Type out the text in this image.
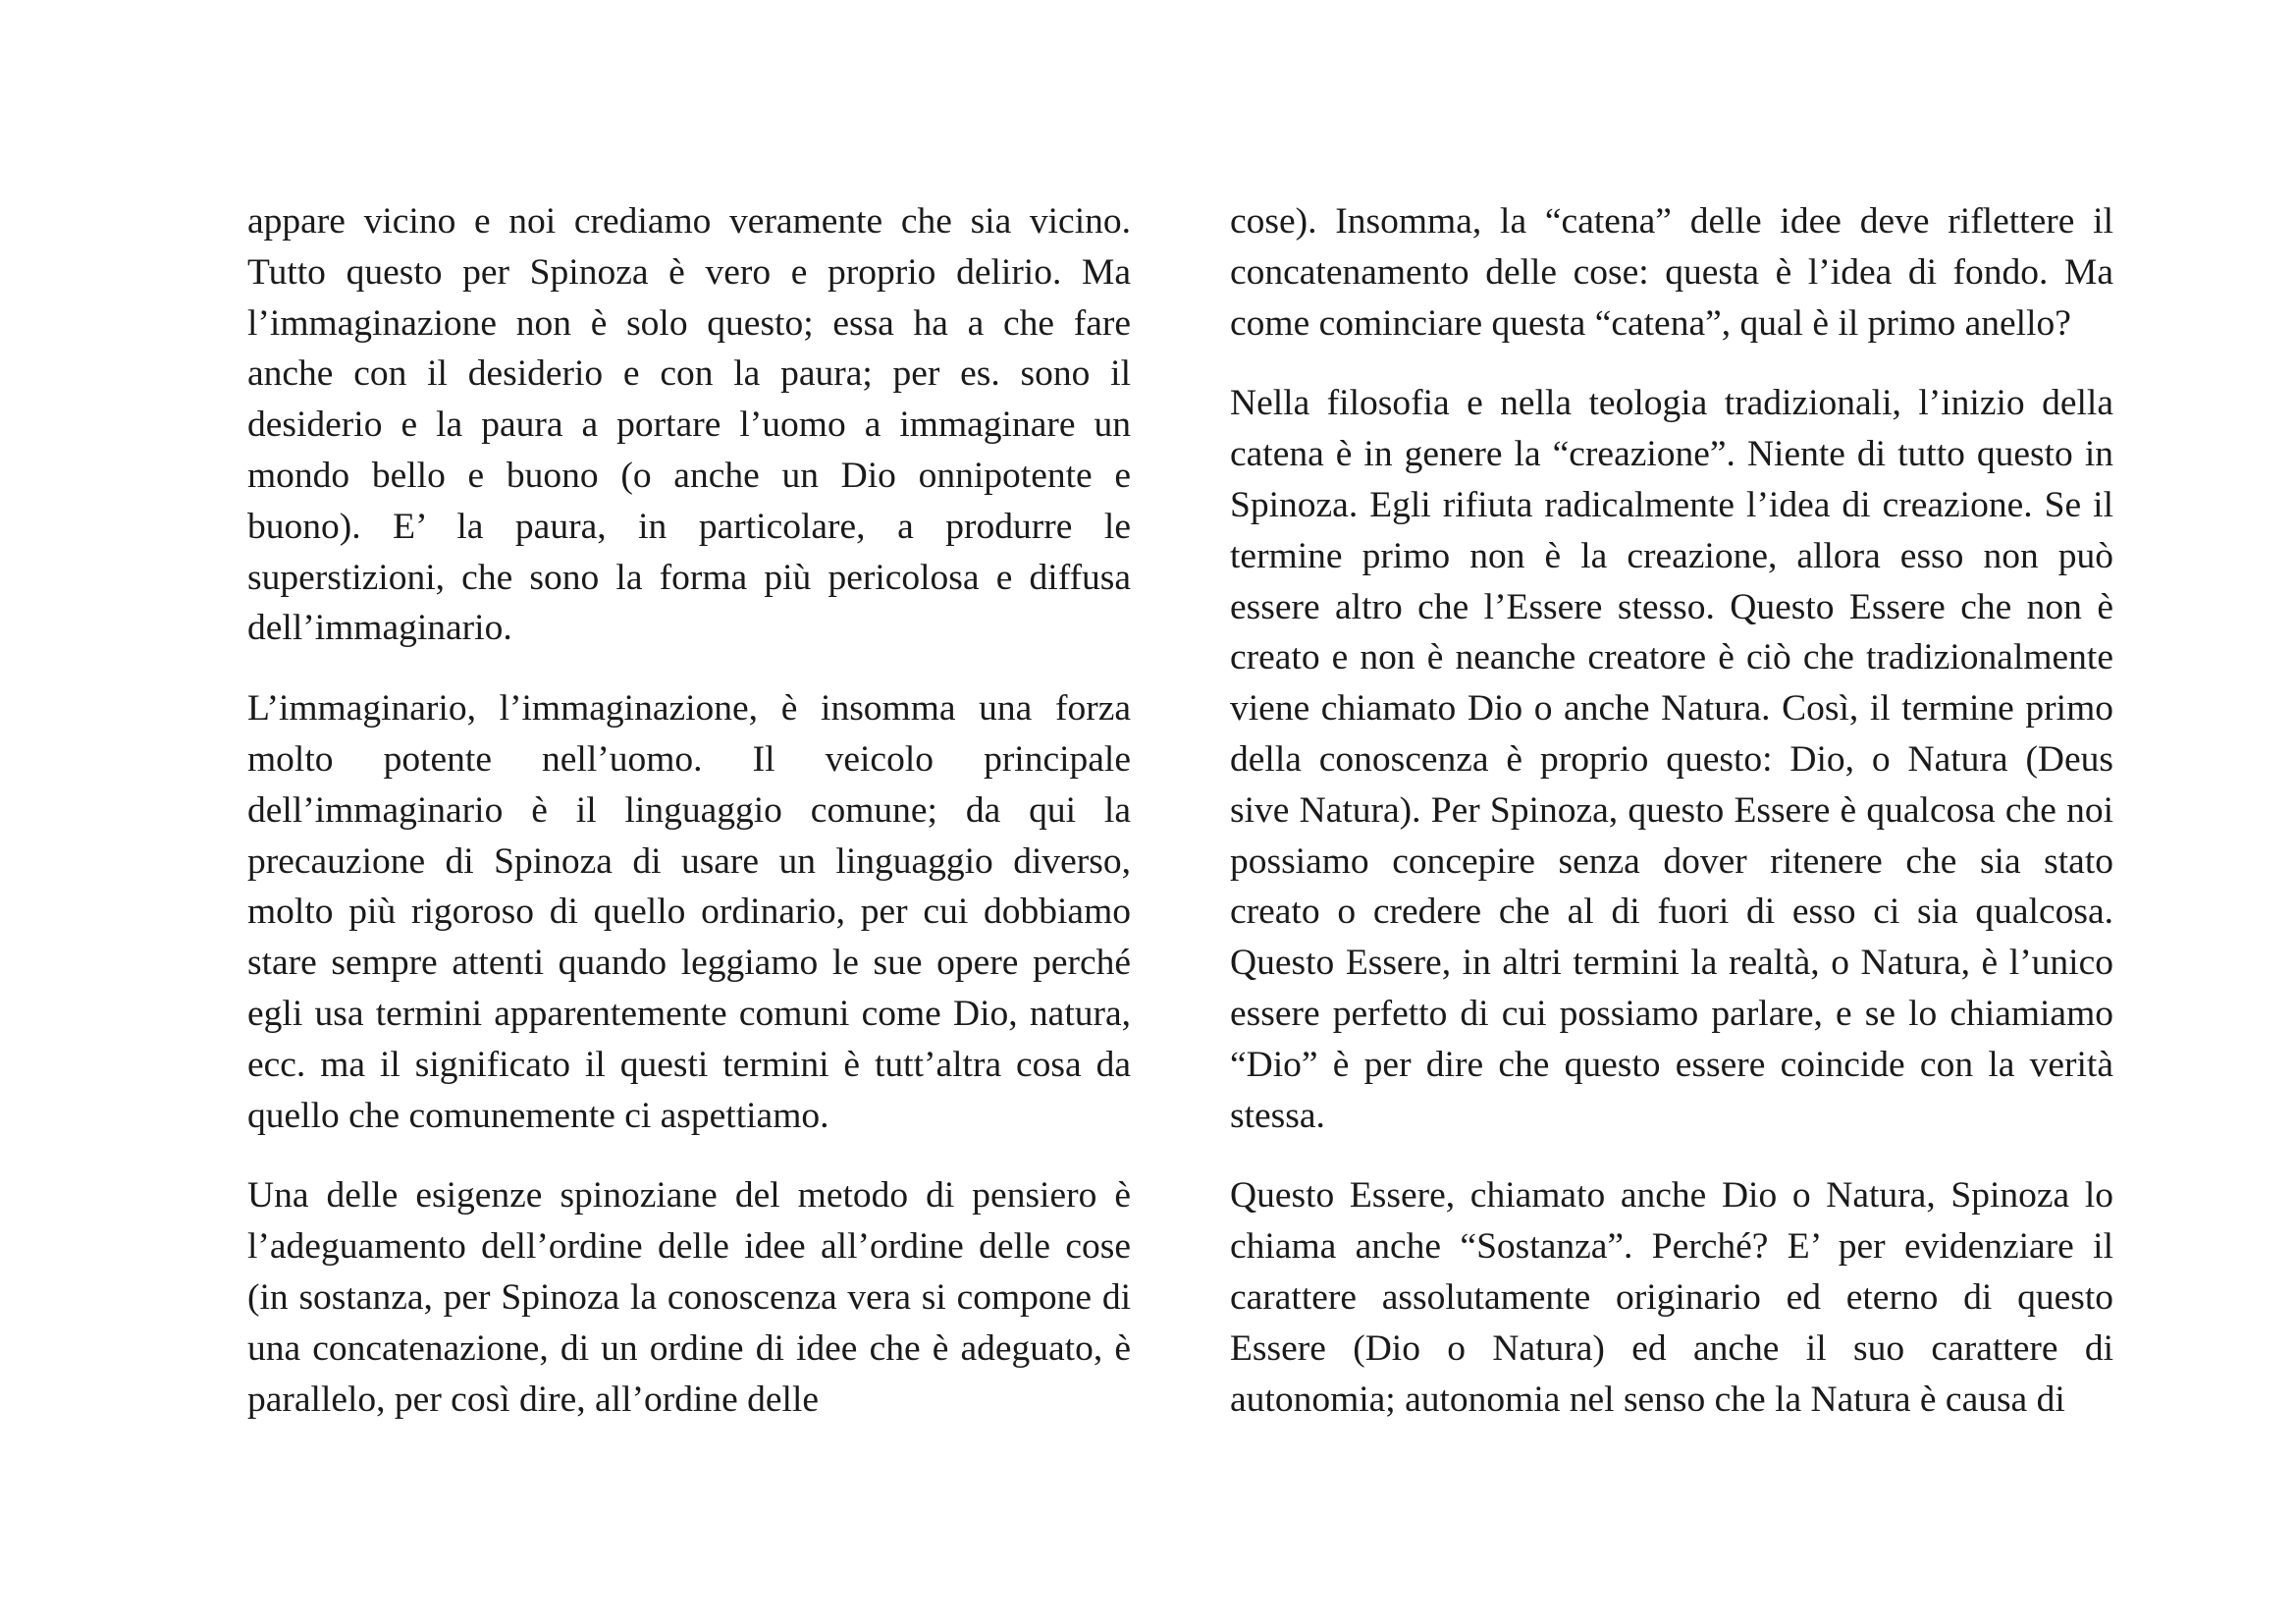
appare vicino e noi crediamo veramente che sia vicino. Tutto questo per Spinoza è vero e proprio delirio. Ma l’immaginazione non è solo questo; essa ha a che fare anche con il desiderio e con la paura; per es. sono il desiderio e la paura a portare l’uomo a immaginare un mondo bello e buono (o anche un Dio onnipotente e buono). E’ la paura, in particolare, a produrre le superstizioni, che sono la forma più pericolosa e diffusa dell’immaginario.

L’immaginario, l’immaginazione, è insomma una forza molto potente nell’uomo. Il veicolo principale dell’immaginario è il linguaggio comune; da qui la precauzione di Spinoza di usare un linguaggio diverso, molto più rigoroso di quello ordinario, per cui dobbiamo stare sempre attenti quando leggiamo le sue opere perché egli usa termini apparentemente comuni come Dio, natura, ecc. ma il significato il questi termini è tutt’altra cosa da quello che comunemente ci aspettiamo.

Una delle esigenze spinoziane del metodo di pensiero è l’adeguamento dell’ordine delle idee all’ordine delle cose (in sostanza, per Spinoza la conoscenza vera si compone di una concatenazione, di un ordine di idee che è adeguato, è parallelo, per così dire, all’ordine delle

cose). Insomma, la “catena” delle idee deve riflettere il concatenamento delle cose: questa è l’idea di fondo. Ma come cominciare questa “catena”, qual è il primo anello?

Nella filosofia e nella teologia tradizionali, l’inizio della catena è in genere la “creazione”. Niente di tutto questo in Spinoza. Egli rifiuta radicalmente l’idea di creazione. Se il termine primo non è la creazione, allora esso non può essere altro che l’Essere stesso. Questo Essere che non è creato e non è neanche creatore è ciò che tradizionalmente viene chiamato Dio o anche Natura. Così, il termine primo della conoscenza è proprio questo: Dio, o Natura (Deus sive Natura). Per Spinoza, questo Essere è qualcosa che noi possiamo concepire senza dover ritenere che sia stato creato o credere che al di fuori di esso ci sia qualcosa. Questo Essere, in altri termini la realtà, o Natura, è l’unico essere perfetto di cui possiamo parlare, e se lo chiamiamo “Dio” è per dire che questo essere coincide con la verità stessa.

Questo Essere, chiamato anche Dio o Natura, Spinoza lo chiama anche “Sostanza”. Perché? E’ per evidenziare il carattere assolutamente originario ed eterno di questo Essere (Dio o Natura) ed anche il suo carattere di autonomia; autonomia nel senso che la Natura è causa di
